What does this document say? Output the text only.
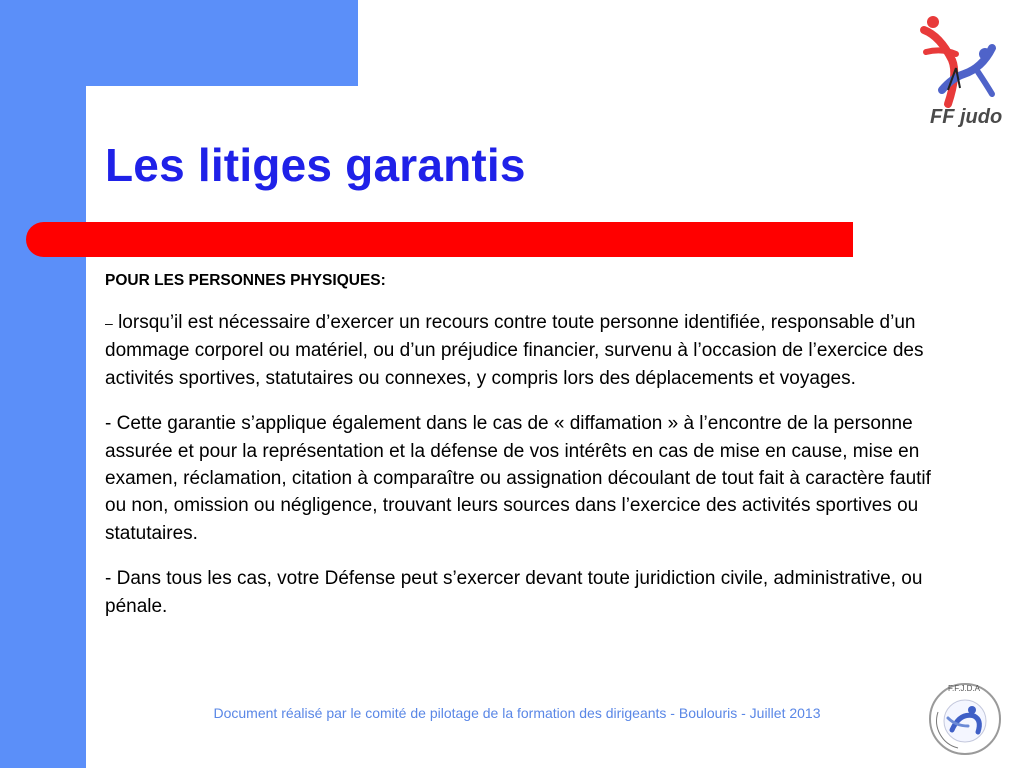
Les litiges garantis

POUR LES PERSONNES PHYSIQUES:

– lorsqu’il est nécessaire d’exercer un recours contre toute personne identifiée, responsable d’un dommage corporel ou matériel, ou d’un préjudice financier, survenu à l’occasion de l’exercice des activités sportives, statutaires ou connexes, y compris lors des déplacements et voyages.

- Cette garantie s’applique également dans le cas de « diffamation » à l’encontre de la personne assurée et pour la représentation et la défense de vos intérêts en cas de mise en cause, mise en examen, réclamation, citation à comparaître ou assignation découlant de tout fait à caractère fautif ou non, omission ou négligence, trouvant leurs sources dans l’exercice des activités sportives ou statutaires.

- Dans tous les cas, votre Défense peut s’exercer devant toute juridiction civile, administrative, ou pénale.

Document réalisé par le comité de pilotage de la formation des dirigeants - Boulouris - Juillet 2013
FF judo
F.F.J.D.A
